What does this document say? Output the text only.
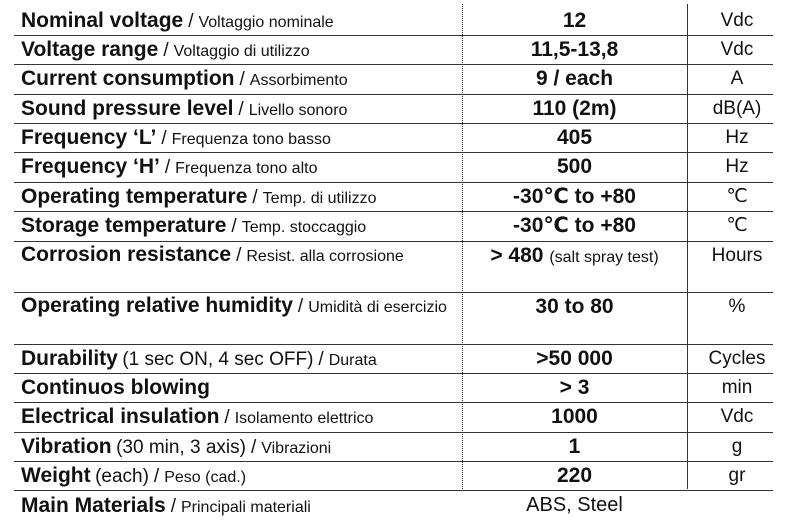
Nominal voltage / Voltaggio nominale	12	Vdc
Voltage range / Voltaggio di utilizzo	11,5-13,8	Vdc
Current consumption / Assorbimento	9 / each	A
Sound pressure level / Livello sonoro	110 (2m)	dB(A)
Frequency ‘L’ / Frequenza tono basso	405	Hz
Frequency ‘H’ / Frequenza tono alto	500	Hz
Operating temperature / Temp. di utilizzo	-30℃ to +80	℃
Storage temperature / Temp. stoccaggio	-30℃ to +80	℃
Corrosion resistance / Resist. alla corrosione	> 480 (salt spray test)	Hours
Operating relative humidity / Umidità di esercizio	30 to 80	%
Durability (1 sec ON, 4 sec OFF) / Durata	>50 000	Cycles
Continuos blowing	> 3	min
Electrical insulation / Isolamento elettrico	1000	Vdc
Vibration (30 min, 3 axis) / Vibrazioni	1	g
Weight (each) / Peso (cad.)	220	gr
Main Materials / Principali materiali	ABS, Steel
